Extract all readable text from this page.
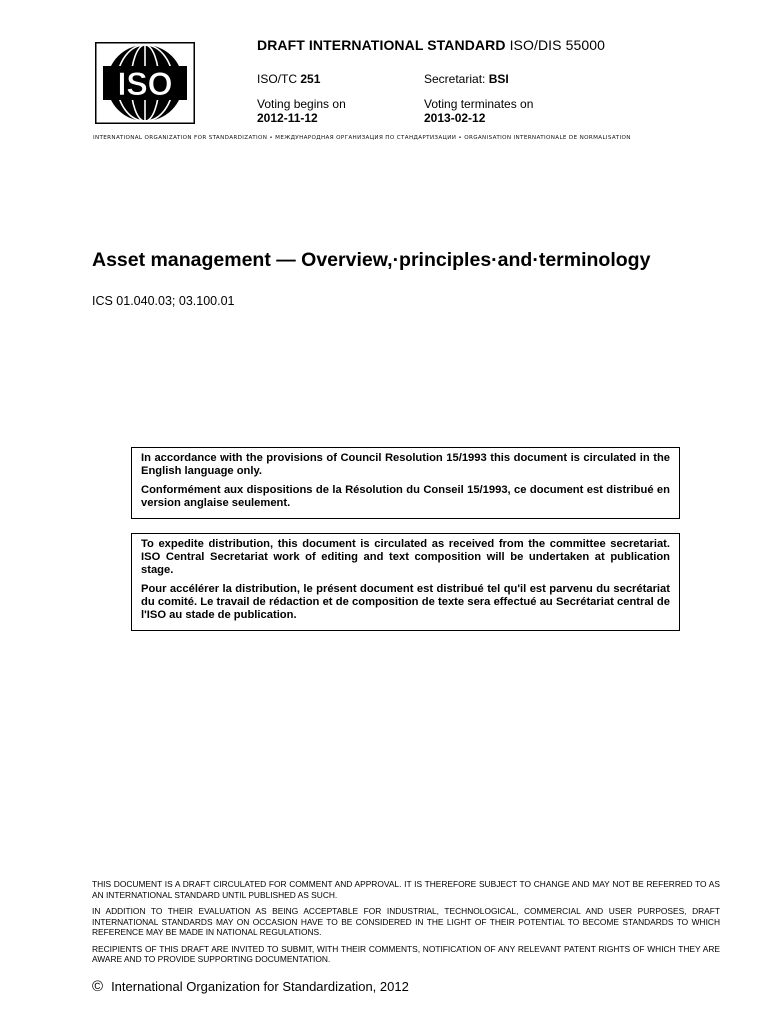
ISO
DRAFT INTERNATIONAL STANDARD ISO/DIS 55000
ISO/TC 251	Secretariat: BSI
Voting begins on
2012-11-12
Voting terminates on
2013-02-12
INTERNATIONAL ORGANIZATION FOR STANDARDIZATION • МЕЖДУНАРОДНАЯ ОРГАНИЗАЦИЯ ПО СТАНДАРТИЗАЦИИ • ORGANISATION INTERNATIONALE DE NORMALISATION
Asset management — Overview,·principles·and·terminology
ICS 01.040.03; 03.100.01

In accordance with the provisions of Council Resolution 15/1993 this document is circulated in the English language only.

Conformément aux dispositions de la Résolution du Conseil 15/1993, ce document est distribué en version anglaise seulement.

To expedite distribution, this document is circulated as received from the committee secretariat. ISO Central Secretariat work of editing and text composition will be undertaken at publication stage.

Pour accélérer la distribution, le présent document est distribué tel qu'il est parvenu du secrétariat du comité. Le travail de rédaction et de composition de texte sera effectué au Secrétariat central de l'ISO au stade de publication.

THIS DOCUMENT IS A DRAFT CIRCULATED FOR COMMENT AND APPROVAL. IT IS THEREFORE SUBJECT TO CHANGE AND MAY NOT BE REFERRED TO AS AN INTERNATIONAL STANDARD UNTIL PUBLISHED AS SUCH.

IN ADDITION TO THEIR EVALUATION AS BEING ACCEPTABLE FOR INDUSTRIAL, TECHNOLOGICAL, COMMERCIAL AND USER PURPOSES, DRAFT INTERNATIONAL STANDARDS MAY ON OCCASION HAVE TO BE CONSIDERED IN THE LIGHT OF THEIR POTENTIAL TO BECOME STANDARDS TO WHICH REFERENCE MAY BE MADE IN NATIONAL REGULATIONS.

RECIPIENTS OF THIS DRAFT ARE INVITED TO SUBMIT, WITH THEIR COMMENTS, NOTIFICATION OF ANY RELEVANT PATENT RIGHTS OF WHICH THEY ARE AWARE AND TO PROVIDE SUPPORTING DOCUMENTATION.

© International Organization for Standardization, 2012
